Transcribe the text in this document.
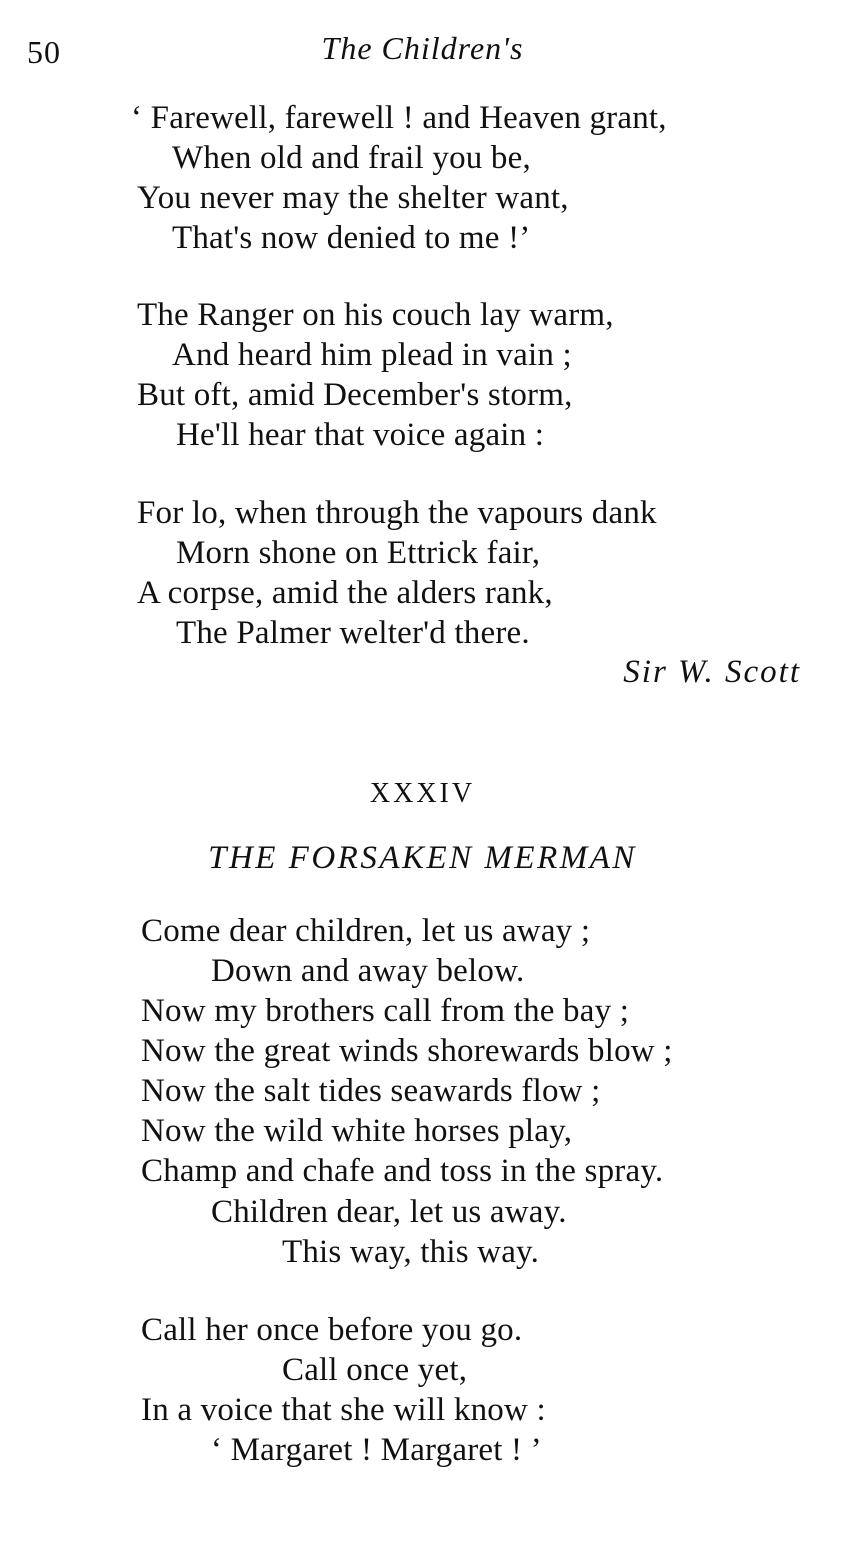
50	The Children's
‘ Farewell, farewell ! and Heaven grant,
When old and frail you be,
You never may the shelter want,
That's now denied to me !’
The Ranger on his couch lay warm,
And heard him plead in vain ;
But oft, amid December's storm,
He'll hear that voice again :
For lo, when through the vapours dank
Morn shone on Ettrick fair,
A corpse, amid the alders rank,
The Palmer welter'd there.
Sir W. Scott
XXXIV
THE FORSAKEN MERMAN
Come dear children, let us away ;
Down and away below.
Now my brothers call from the bay ;
Now the great winds shorewards blow ;
Now the salt tides seawards flow ;
Now the wild white horses play,
Champ and chafe and toss in the spray.
Children dear, let us away.
This way, this way.
Call her once before you go.
Call once yet,
In a voice that she will know :
‘ Margaret ! Margaret ! ’
